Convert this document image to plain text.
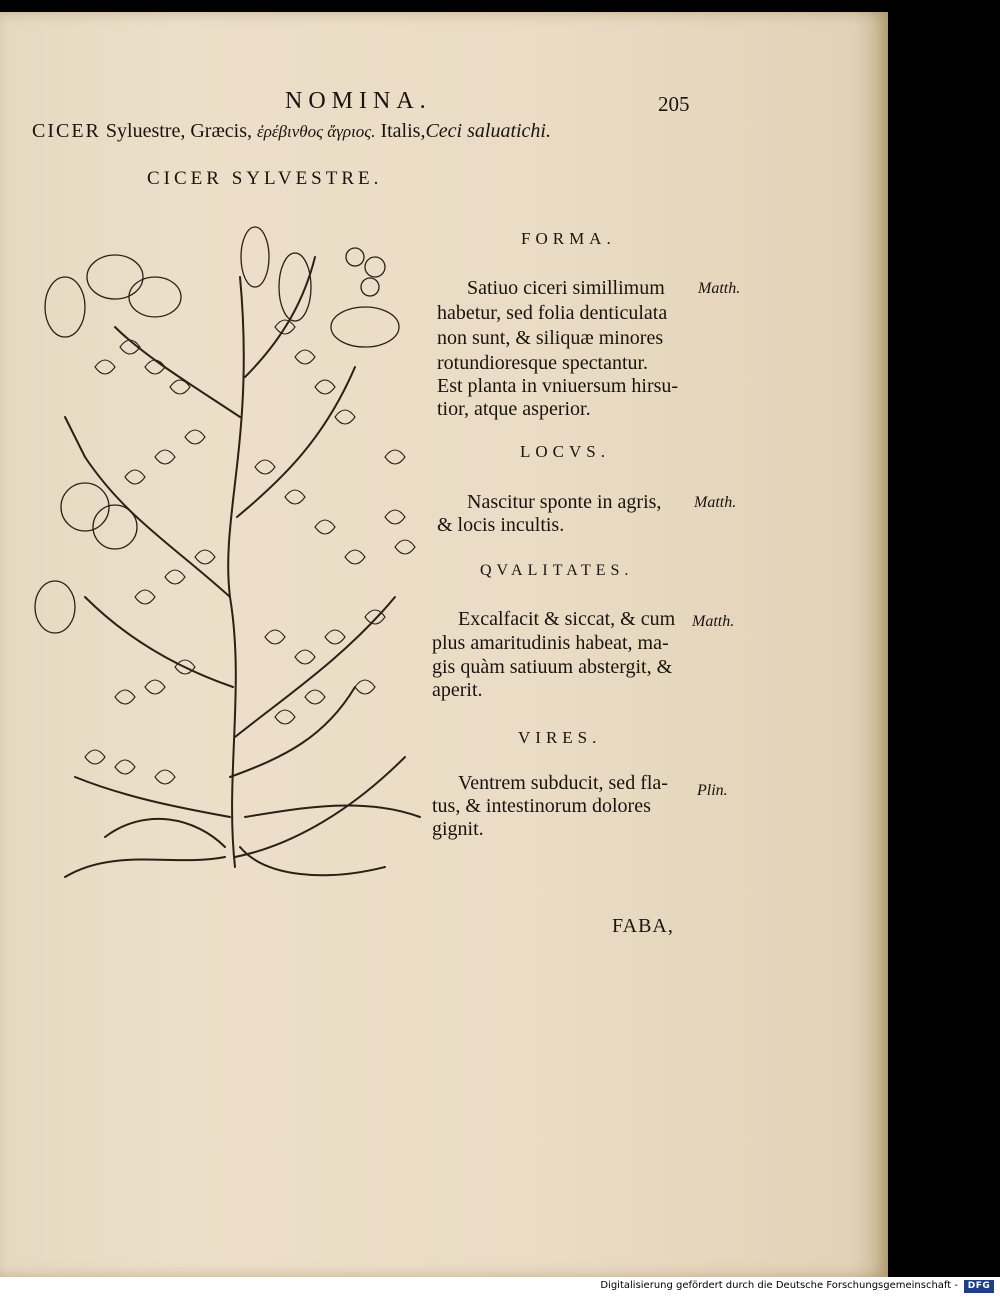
NOMINA.	205
CICER Syluestre, Græcis, ἐρέβινθος ἄγριος. Italis,Ceci saluatichi.
CICER SYLVESTRE.
FORMA.
Satiuo ciceri simillimum
habetur, sed folia denticulata
non sunt, & siliquæ minores
rotundioresque spectantur.
Est planta in vniuersum hirsu-
tior, atque asperior.
Matth.
LOCVS.
Nascitur sponte in agris,
& locis incultis.
Matth.
QVALITATES.
Excalfacit & siccat, & cum
plus amaritudinis habeat, ma-
gis quàm satiuum abstergit, &
aperit.
Matth.
VIRES.
Ventrem subducit, sed fla-
tus, & intestinorum dolores
gignit.
Plin.
FABA,
Digitalisierung gefördert durch die Deutsche Forschungsgemeinschaft -	DFG
